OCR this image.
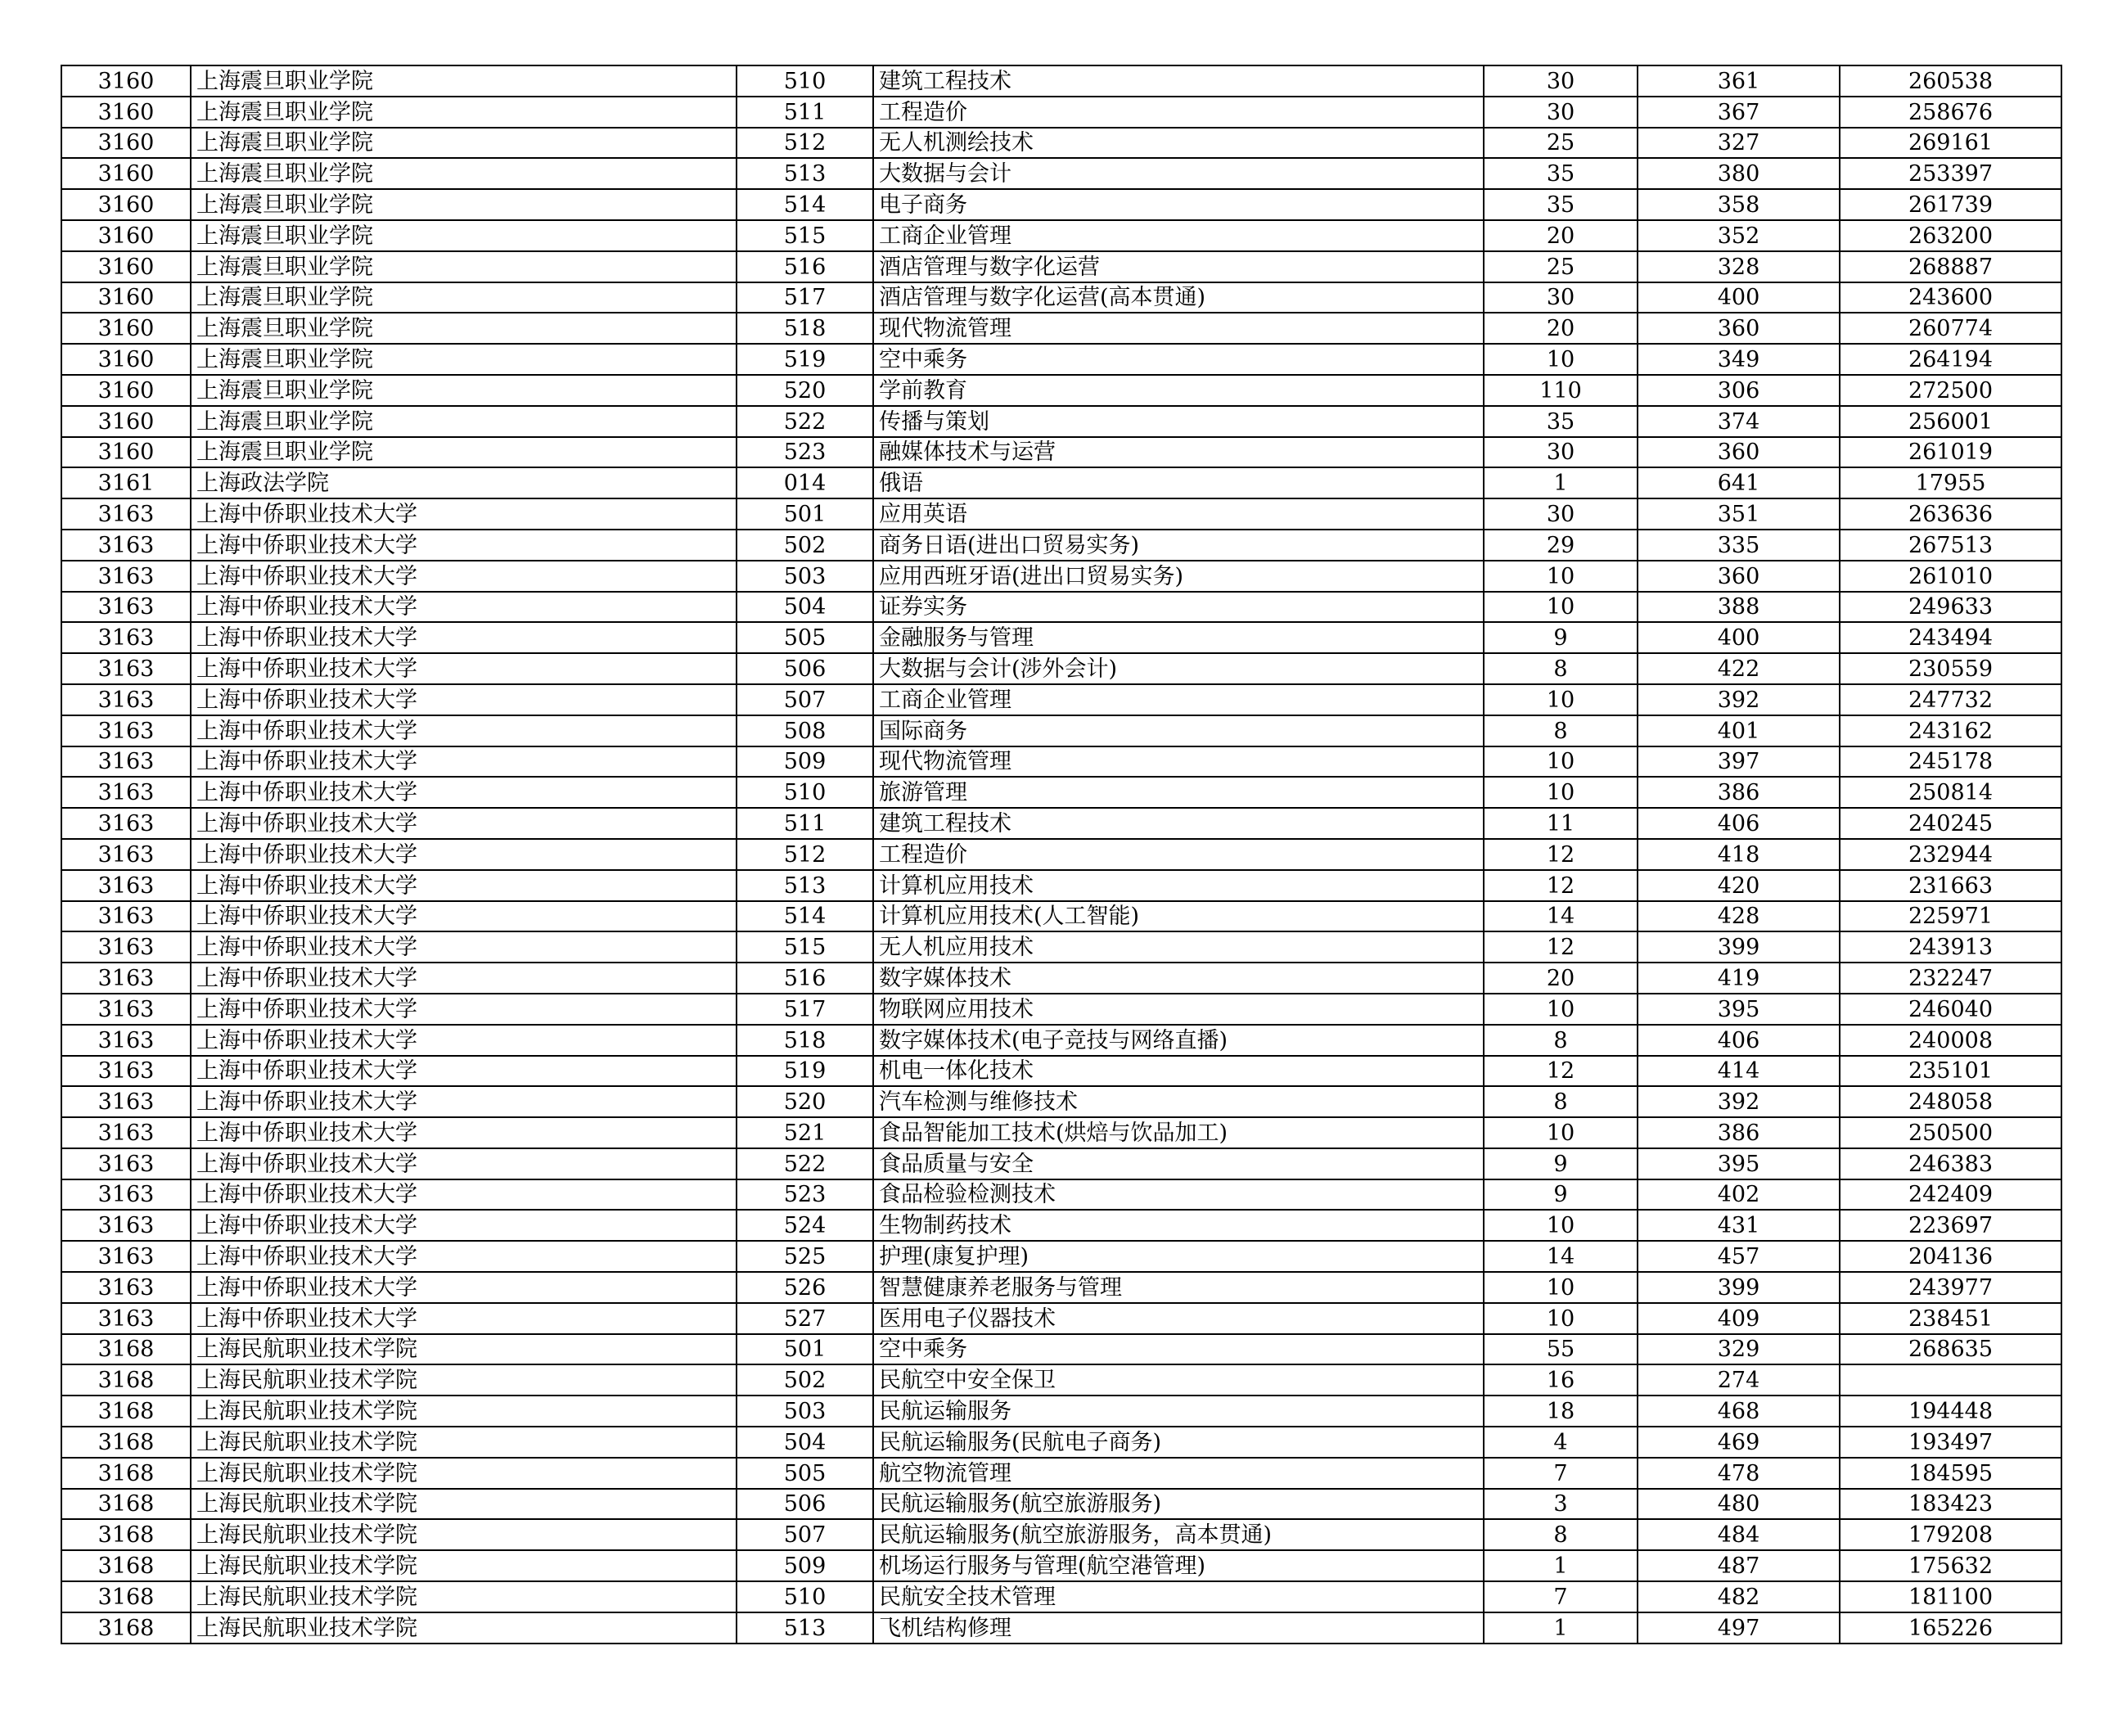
3160	上海震旦职业学院	510	建筑工程技术	30	361	260538
3160	上海震旦职业学院	511	工程造价	30	367	258676
3160	上海震旦职业学院	512	无人机测绘技术	25	327	269161
3160	上海震旦职业学院	513	大数据与会计	35	380	253397
3160	上海震旦职业学院	514	电子商务	35	358	261739
3160	上海震旦职业学院	515	工商企业管理	20	352	263200
3160	上海震旦职业学院	516	酒店管理与数字化运营	25	328	268887
3160	上海震旦职业学院	517	酒店管理与数字化运营(高本贯通)	30	400	243600
3160	上海震旦职业学院	518	现代物流管理	20	360	260774
3160	上海震旦职业学院	519	空中乘务	10	349	264194
3160	上海震旦职业学院	520	学前教育	110	306	272500
3160	上海震旦职业学院	522	传播与策划	35	374	256001
3160	上海震旦职业学院	523	融媒体技术与运营	30	360	261019
3161	上海政法学院	014	俄语	1	641	17955
3163	上海中侨职业技术大学	501	应用英语	30	351	263636
3163	上海中侨职业技术大学	502	商务日语(进出口贸易实务)	29	335	267513
3163	上海中侨职业技术大学	503	应用西班牙语(进出口贸易实务)	10	360	261010
3163	上海中侨职业技术大学	504	证券实务	10	388	249633
3163	上海中侨职业技术大学	505	金融服务与管理	9	400	243494
3163	上海中侨职业技术大学	506	大数据与会计(涉外会计)	8	422	230559
3163	上海中侨职业技术大学	507	工商企业管理	10	392	247732
3163	上海中侨职业技术大学	508	国际商务	8	401	243162
3163	上海中侨职业技术大学	509	现代物流管理	10	397	245178
3163	上海中侨职业技术大学	510	旅游管理	10	386	250814
3163	上海中侨职业技术大学	511	建筑工程技术	11	406	240245
3163	上海中侨职业技术大学	512	工程造价	12	418	232944
3163	上海中侨职业技术大学	513	计算机应用技术	12	420	231663
3163	上海中侨职业技术大学	514	计算机应用技术(人工智能)	14	428	225971
3163	上海中侨职业技术大学	515	无人机应用技术	12	399	243913
3163	上海中侨职业技术大学	516	数字媒体技术	20	419	232247
3163	上海中侨职业技术大学	517	物联网应用技术	10	395	246040
3163	上海中侨职业技术大学	518	数字媒体技术(电子竞技与网络直播)	8	406	240008
3163	上海中侨职业技术大学	519	机电一体化技术	12	414	235101
3163	上海中侨职业技术大学	520	汽车检测与维修技术	8	392	248058
3163	上海中侨职业技术大学	521	食品智能加工技术(烘焙与饮品加工)	10	386	250500
3163	上海中侨职业技术大学	522	食品质量与安全	9	395	246383
3163	上海中侨职业技术大学	523	食品检验检测技术	9	402	242409
3163	上海中侨职业技术大学	524	生物制药技术	10	431	223697
3163	上海中侨职业技术大学	525	护理(康复护理)	14	457	204136
3163	上海中侨职业技术大学	526	智慧健康养老服务与管理	10	399	243977
3163	上海中侨职业技术大学	527	医用电子仪器技术	10	409	238451
3168	上海民航职业技术学院	501	空中乘务	55	329	268635
3168	上海民航职业技术学院	502	民航空中安全保卫	16	274	
3168	上海民航职业技术学院	503	民航运输服务	18	468	194448
3168	上海民航职业技术学院	504	民航运输服务(民航电子商务)	4	469	193497
3168	上海民航职业技术学院	505	航空物流管理	7	478	184595
3168	上海民航职业技术学院	506	民航运输服务(航空旅游服务)	3	480	183423
3168	上海民航职业技术学院	507	民航运输服务(航空旅游服务，高本贯通)	8	484	179208
3168	上海民航职业技术学院	509	机场运行服务与管理(航空港管理)	1	487	175632
3168	上海民航职业技术学院	510	民航安全技术管理	7	482	181100
3168	上海民航职业技术学院	513	飞机结构修理	1	497	165226
